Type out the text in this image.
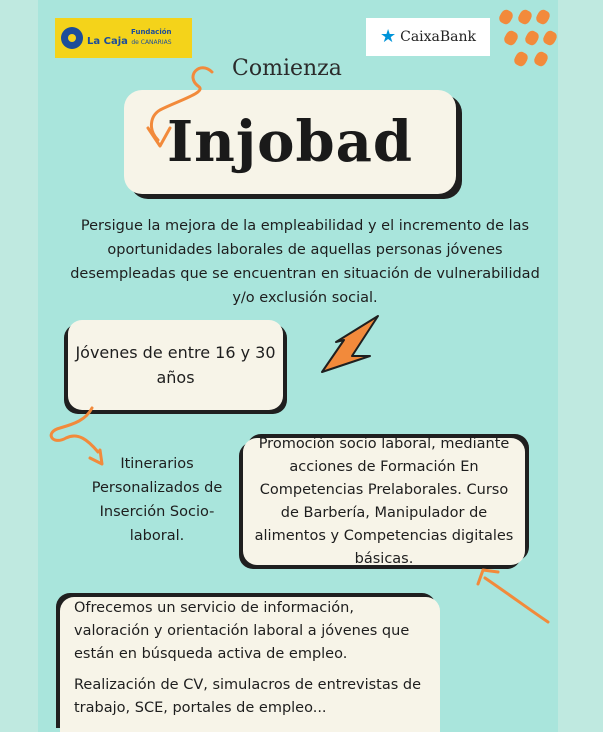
Fundación
La Caja de CANARIAS	★ CaixaBank
Comienza
Injobad
Persigue la mejora de la empleabilidad y el incremento de las oportunidades laborales de aquellas personas jóvenes desempleadas que se encuentran en situación de vulnerabilidad y/o exclusión social.
Jóvenes de entre 16 y 30 años
Itinerarios Personalizados de Inserción Socio-laboral.
Promoción socio laboral, mediante acciones de Formación En Competencias Prelaborales. Curso de Barbería, Manipulador de alimentos y Competencias digitales básicas.

Ofrecemos un servicio de información, valoración y orientación laboral a jóvenes que están en búsqueda activa de empleo.

Realización de CV, simulacros de entrevistas de trabajo, SCE, portales de empleo...
